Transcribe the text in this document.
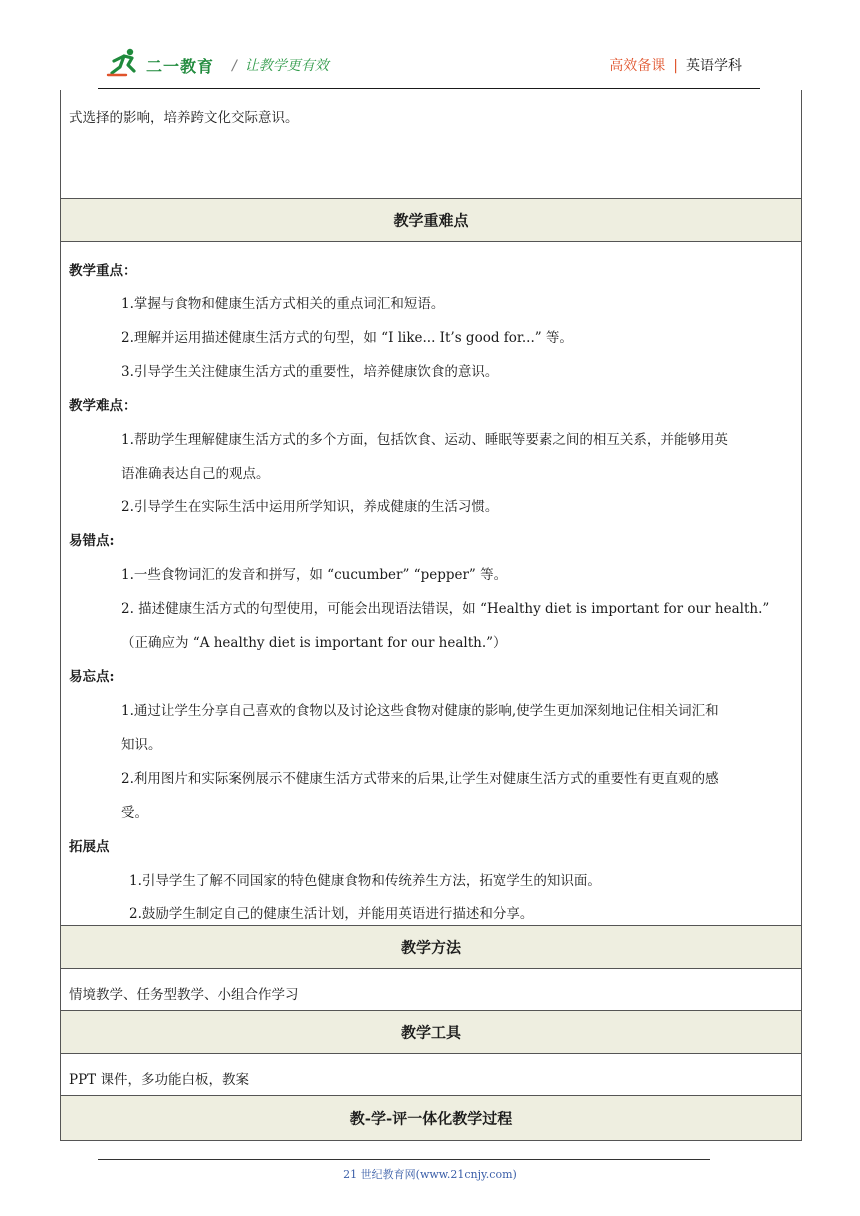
二一教育 / 让教学更有效	高效备课 | 英语学科
式选择的影响，培养跨文化交际意识。
教学重难点
教学重点：
1.掌握与食物和健康生活方式相关的重点词汇和短语。
2.理解并运用描述健康生活方式的句型，如 “I like... It’s good for...” 等。
3.引导学生关注健康生活方式的重要性，培养健康饮食的意识。
教学难点：
1.帮助学生理解健康生活方式的多个方面，包括饮食、运动、睡眠等要素之间的相互关系，并能够用英
语准确表达自己的观点。
2.引导学生在实际生活中运用所学知识，养成健康的生活习惯。
易错点:
1.一些食物词汇的发音和拼写，如 “cucumber” “pepper” 等。
2. 描述健康生活方式的句型使用，可能会出现语法错误，如 “Healthy diet is important for our health.”
（正确应为 “A healthy diet is important for our health.”）
易忘点:
1.通过让学生分享自己喜欢的食物以及讨论这些食物对健康的影响,使学生更加深刻地记住相关词汇和
知识。
2.利用图片和实际案例展示不健康生活方式带来的后果,让学生对健康生活方式的重要性有更直观的感
受。
拓展点
1.引导学生了解不同国家的特色健康食物和传统养生方法，拓宽学生的知识面。
2.鼓励学生制定自己的健康生活计划，并能用英语进行描述和分享。
教学方法
情境教学、任务型教学、小组合作学习
教学工具
PPT 课件，多功能白板，教案
教-学-评一体化教学过程
21 世纪教育网(www.21cnjy.com)
